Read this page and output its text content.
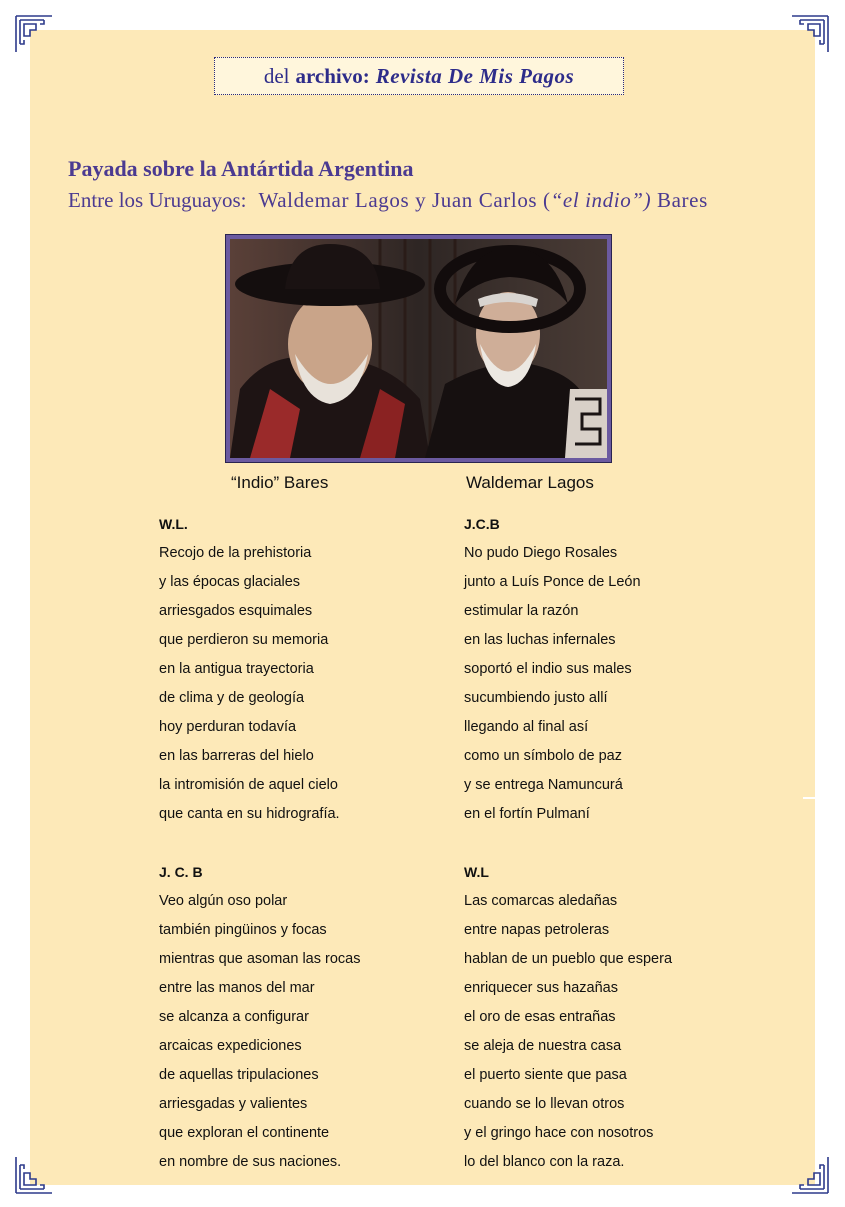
del archivo: Revista De Mis Pagos
Payada sobre la Antártida Argentina
Entre los Uruguayos: Waldemar Lagos y Juan Carlos (“el indio”) Bares
“Indio” Bares	Waldemar Lagos
W.L.
Recojo de la prehistoria
y las épocas glaciales
arriesgados esquimales
que perdieron su memoria
en la antigua trayectoria
de clima y de geología
hoy perduran todavía
en las barreras del hielo
la intromisión de aquel cielo
que canta en su hidrografía.
J.C.B
No pudo Diego Rosales
junto a Luís Ponce de León
estimular la razón
en las luchas infernales
soportó el indio sus males
sucumbiendo justo allí
llegando al final así
como un símbolo de paz
y se entrega Namuncurá
en el fortín Pulmaní
J. C. B
Veo algún oso polar
también pingüinos y focas
mientras que asoman las rocas
entre las manos del mar
se alcanza a configurar
arcaicas expediciones
de aquellas tripulaciones
arriesgadas y valientes
que exploran el continente
en nombre de sus naciones.
W.L
Las comarcas aledañas
entre napas petroleras
hablan de un pueblo que espera
enriquecer sus hazañas
el oro de esas entrañas
se aleja de nuestra casa
el puerto siente que pasa
cuando se lo llevan otros
y el gringo hace con nosotros
lo del blanco con la raza.
